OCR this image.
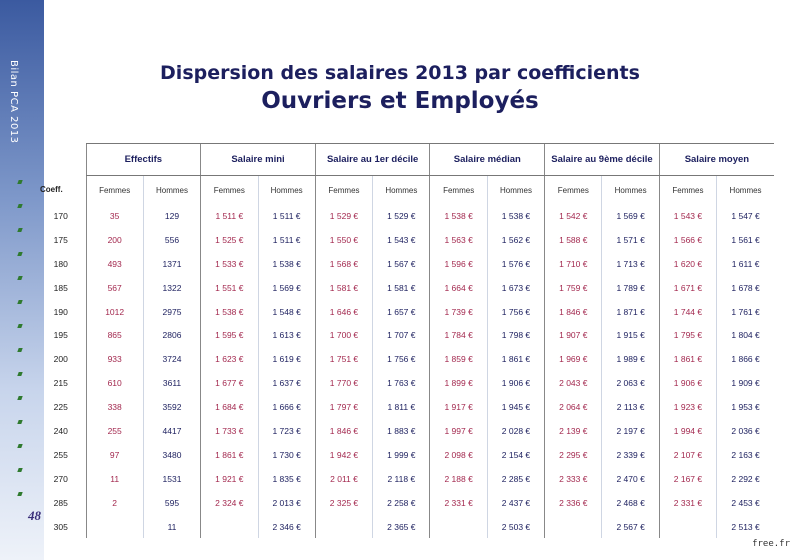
Bilan PCA 2013
48
Dispersion des salaires 2013 par coefficients
Ouvriers et Employés
	Effectifs		Salaire mini		Salaire au 1er décile		Salaire médian		Salaire au 9ème décile		Salaire moyen	
Coeff.	Femmes	Hommes	Femmes	Hommes	Femmes	Hommes	Femmes	Hommes	Femmes	Hommes	Femmes	Hommes
170	35	129	1 511 €	1 511 €	1 529 €	1 529 €	1 538 €	1 538 €	1 542 €	1 569 €	1 543 €	1 547 €
175	200	556	1 525 €	1 511 €	1 550 €	1 543 €	1 563 €	1 562 €	1 588 €	1 571 €	1 566 €	1 561 €
180	493	1371	1 533 €	1 538 €	1 568 €	1 567 €	1 596 €	1 576 €	1 710 €	1 713 €	1 620 €	1 611 €
185	567	1322	1 551 €	1 569 €	1 581 €	1 581 €	1 664 €	1 673 €	1 759 €	1 789 €	1 671 €	1 678 €
190	1012	2975	1 538 €	1 548 €	1 646 €	1 657 €	1 739 €	1 756 €	1 846 €	1 871 €	1 744 €	1 761 €
195	865	2806	1 595 €	1 613 €	1 700 €	1 707 €	1 784 €	1 798 €	1 907 €	1 915 €	1 795 €	1 804 €
200	933	3724	1 623 €	1 619 €	1 751 €	1 756 €	1 859 €	1 861 €	1 969 €	1 989 €	1 861 €	1 866 €
215	610	3611	1 677 €	1 637 €	1 770 €	1 763 €	1 899 €	1 906 €	2 043 €	2 063 €	1 906 €	1 909 €
225	338	3592	1 684 €	1 666 €	1 797 €	1 811 €	1 917 €	1 945 €	2 064 €	2 113 €	1 923 €	1 953 €
240	255	4417	1 733 €	1 723 €	1 846 €	1 883 €	1 997 €	2 028 €	2 139 €	2 197 €	1 994 €	2 036 €
255	97	3480	1 861 €	1 730 €	1 942 €	1 999 €	2 098 €	2 154 €	2 295 €	2 339 €	2 107 €	2 163 €
270	11	1531	1 921 €	1 835 €	2 011 €	2 118 €	2 188 €	2 285 €	2 333 €	2 470 €	2 167 €	2 292 €
285	2	595	2 324 €	2 013 €	2 325 €	2 258 €	2 331 €	2 437 €	2 336 €	2 468 €	2 331 €	2 453 €
305		11		2 346 €		2 365 €		2 503 €		2 567 €		2 513 €
free.fr
